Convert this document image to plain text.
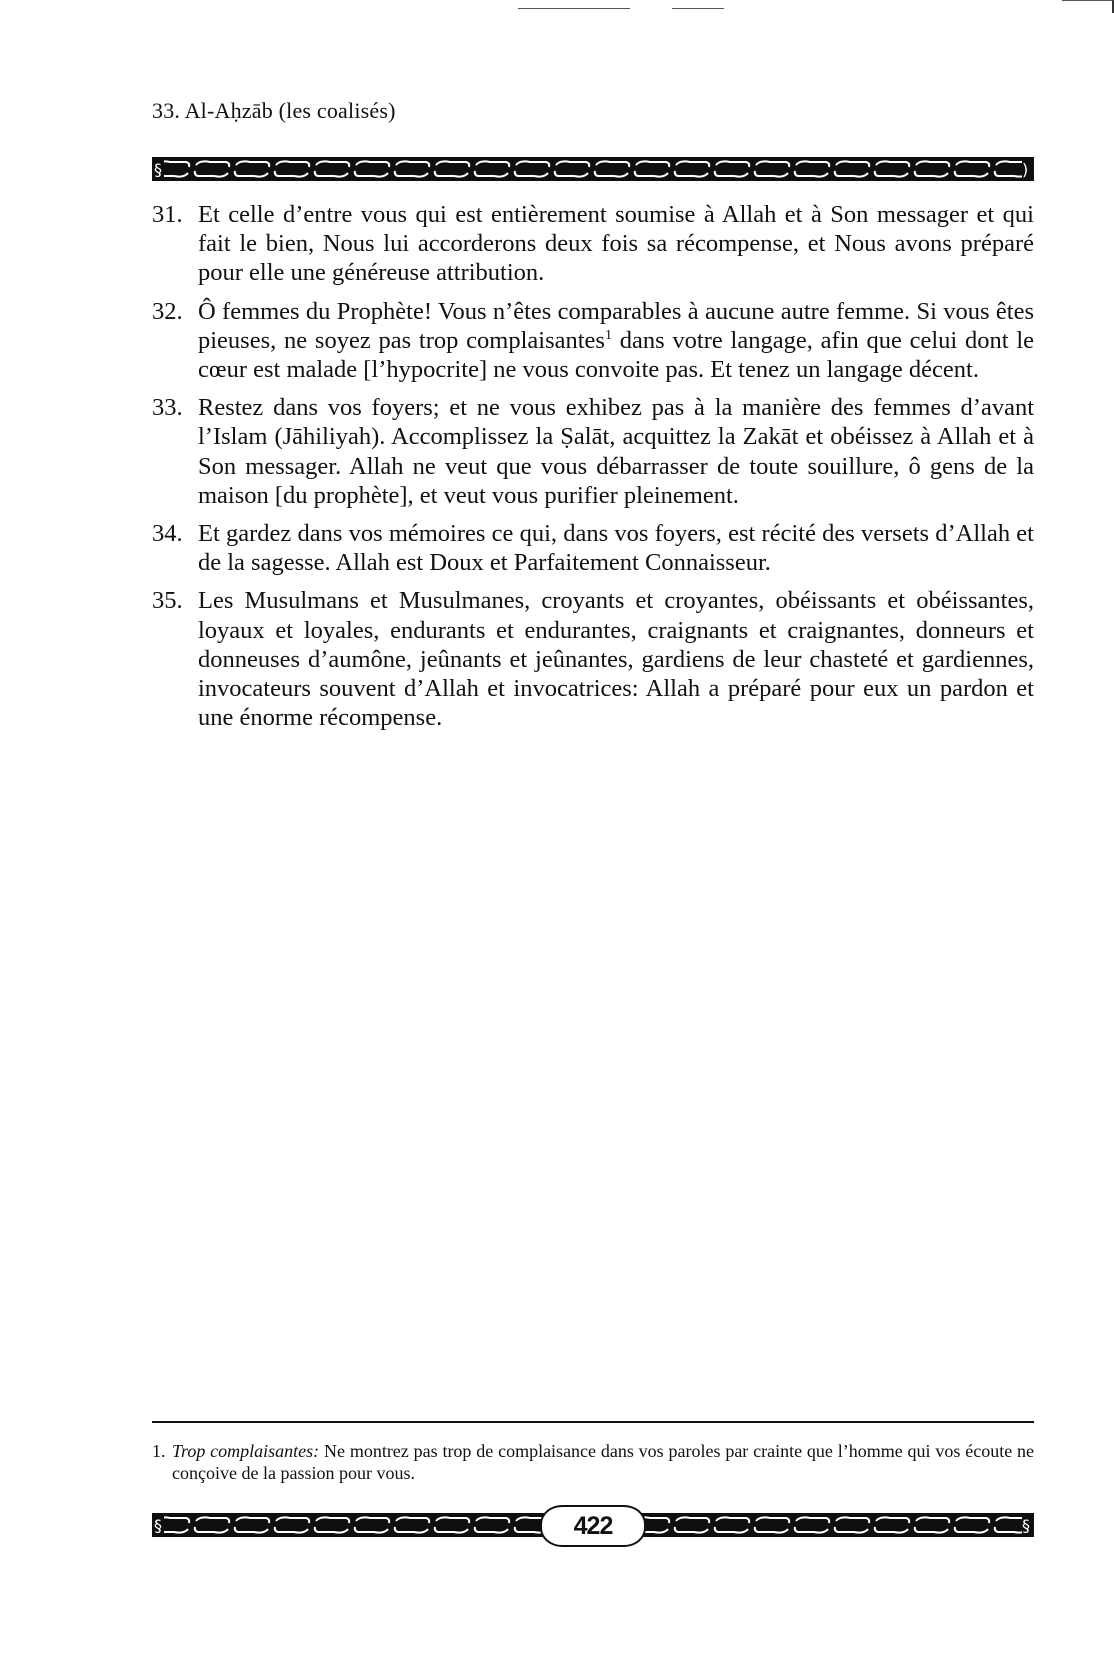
33. Al-Aḥzāb (les coalisés)
§	)
31. Et celle d’entre vous qui est entièrement soumise à Allah et à Son messager et qui fait le bien, Nous lui accorderons deux fois sa récompense, et Nous avons préparé pour elle une généreuse attribution.
32. Ô femmes du Prophète! Vous n’êtes comparables à aucune autre femme. Si vous êtes pieuses, ne soyez pas trop complaisantes$^1$ dans votre langage, afin que celui dont le cœur est malade [l’hypocrite] ne vous convoite pas. Et tenez un langage décent.
33. Restez dans vos foyers; et ne vous exhibez pas à la manière des femmes d’avant l’Islam (Jāhiliyah). Accomplissez la Ṣalāt, acquittez la Zakāt et obéissez à Allah et à Son messager. Allah ne veut que vous débarrasser de toute souillure, ô gens de la maison [du prophète], et veut vous purifier pleinement.
34. Et gardez dans vos mémoires ce qui, dans vos foyers, est récité des versets d’Allah et de la sagesse. Allah est Doux et Parfaitement Connaisseur.
35. Les Musulmans et Musulmanes, croyants et croyantes, obéissants et obéissantes, loyaux et loyales, endurants et endurantes, craignants et craignantes, donneurs et donneuses d’aumône, jeûnants et jeûnantes, gardiens de leur chasteté et gardiennes, invocateurs souvent d’Allah et invocatrices: Allah a préparé pour eux un pardon et une énorme récompense.
1. Trop complaisantes: Ne montrez pas trop de complaisance dans vos paroles par crainte que l’homme qui vos écoute ne conçoive de la passion pour vous.
§	§
422
